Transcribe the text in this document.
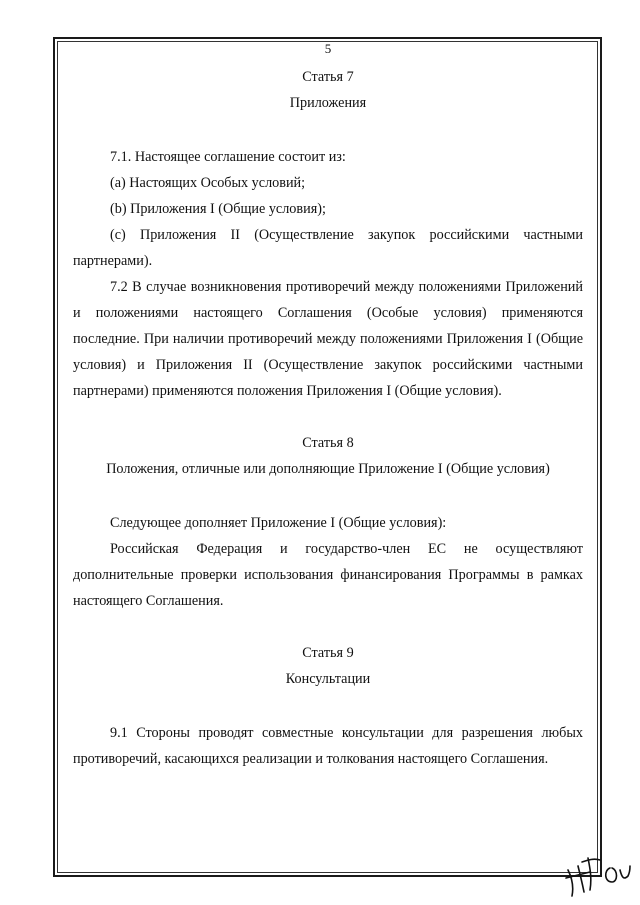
5

Статья 7

Приложения

7.1. Настоящее соглашение состоит из:

(a) Настоящих Особых условий;

(b) Приложения I (Общие условия);

(c) Приложения II (Осуществление закупок российскими частными партнерами).

7.2 В случае возникновения противоречий между положениями Приложений и положениями настоящего Соглашения (Особые условия) применяются последние. При наличии противоречий между положениями Приложения I (Общие условия) и Приложения II (Осуществление закупок российскими частными партнерами) применяются положения Приложения I (Общие условия).

Статья 8

Положения, отличные или дополняющие Приложение I (Общие условия)

Следующее дополняет Приложение I (Общие условия):

Российская Федерация и государство-член ЕС не осуществляют дополнительные проверки использования финансирования Программы в рамках настоящего Соглашения.

Статья 9

Консультации

9.1 Стороны проводят совместные консультации для разрешения любых противоречий, касающихся реализации и толкования настоящего Соглашения.
